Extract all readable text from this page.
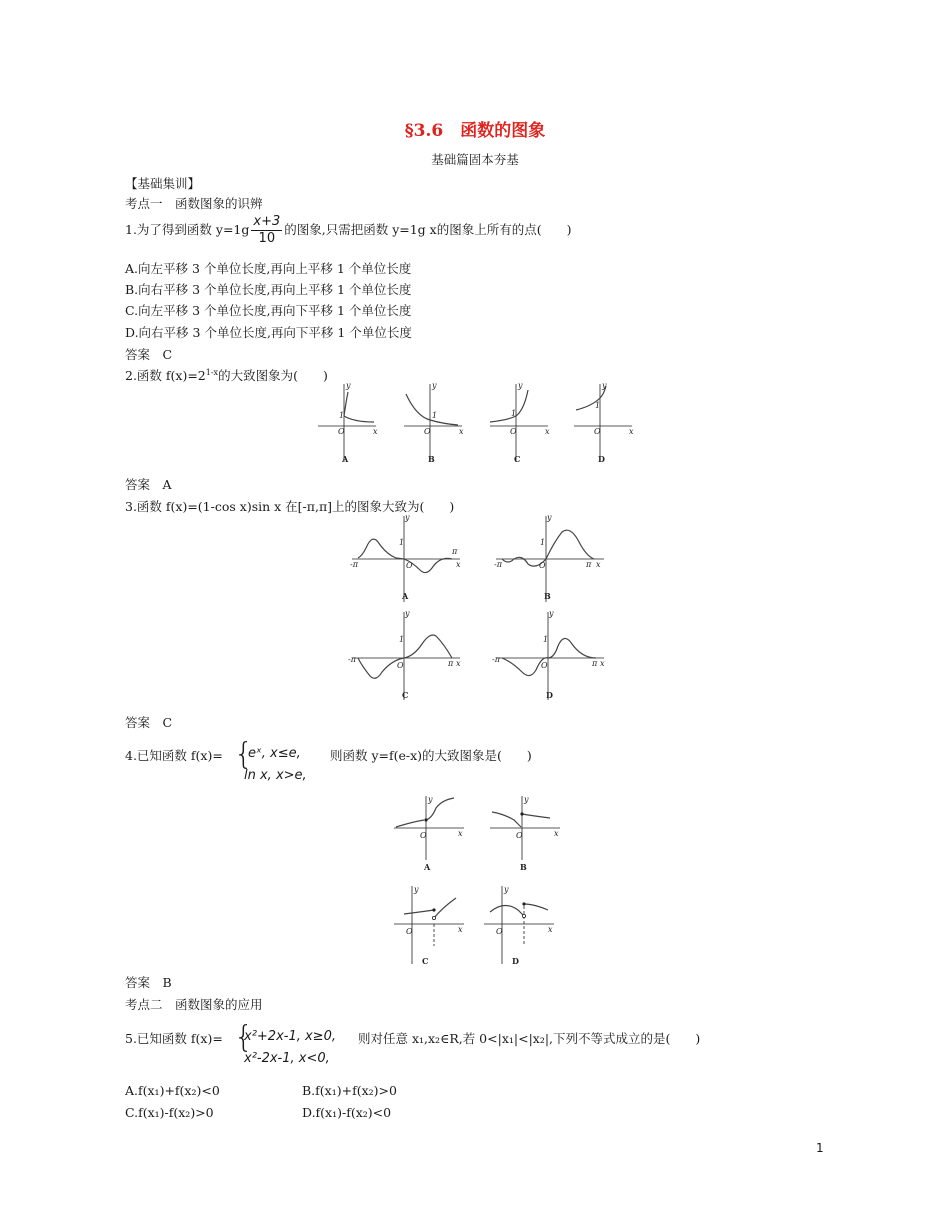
§3.6　函数的图象
基础篇固本夯基
【基础集训】
考点一　函数图象的识辨
1.为了得到函数 $y=1g \frac{x+3}{10}$ 的图象,只需把函数 y=1g x的图象上所有的点(　　)
A.向左平移 3 个单位长度,再向上平移 1 个单位长度
B.向右平移 3 个单位长度,再向上平移 1 个单位长度
C.向左平移 3 个单位长度,再向下平移 1 个单位长度
D.向右平移 3 个单位长度,再向下平移 1 个单位长度
答案　C
2.函数 $f(x)=2^{1-x}$的大致图象为(　　)
y
x
O
1
A
y
x
O
1
B
y
x
O
1
C
y
x
O
1
D
答案　A
3.函数 f(x)=(1-cos x)sin x 在[-π,π]上的图象大致为(　　)
y
x
O
1
-π
π
A
y
x
O
1
-π	π
B
y
x
O
1
-π	π
C
y
x
O
1
-π	π
D
答案　C
4.已知函数 f(x)= {
eˣ, x≤e,
ln x, x>e,
则函数 y=f(e-x)的大致图象是(　　)
y
x
O
A
y
x
O
B
y
x
O
C
y
x
O
D
答案　B
考点二　函数图象的应用
5.已知函数 f(x)= {
x²+2x-1, x≥0,
x²-2x-1, x<0,
则对任意 x₁,x₂∈R,若 0<|x₁|<|x₂|,下列不等式成立的是(　　)
A.f(x₁)+f(x₂)<0	B.f(x₁)+f(x₂)>0
C.f(x₁)-f(x₂)>0	D.f(x₁)-f(x₂)<0
1
